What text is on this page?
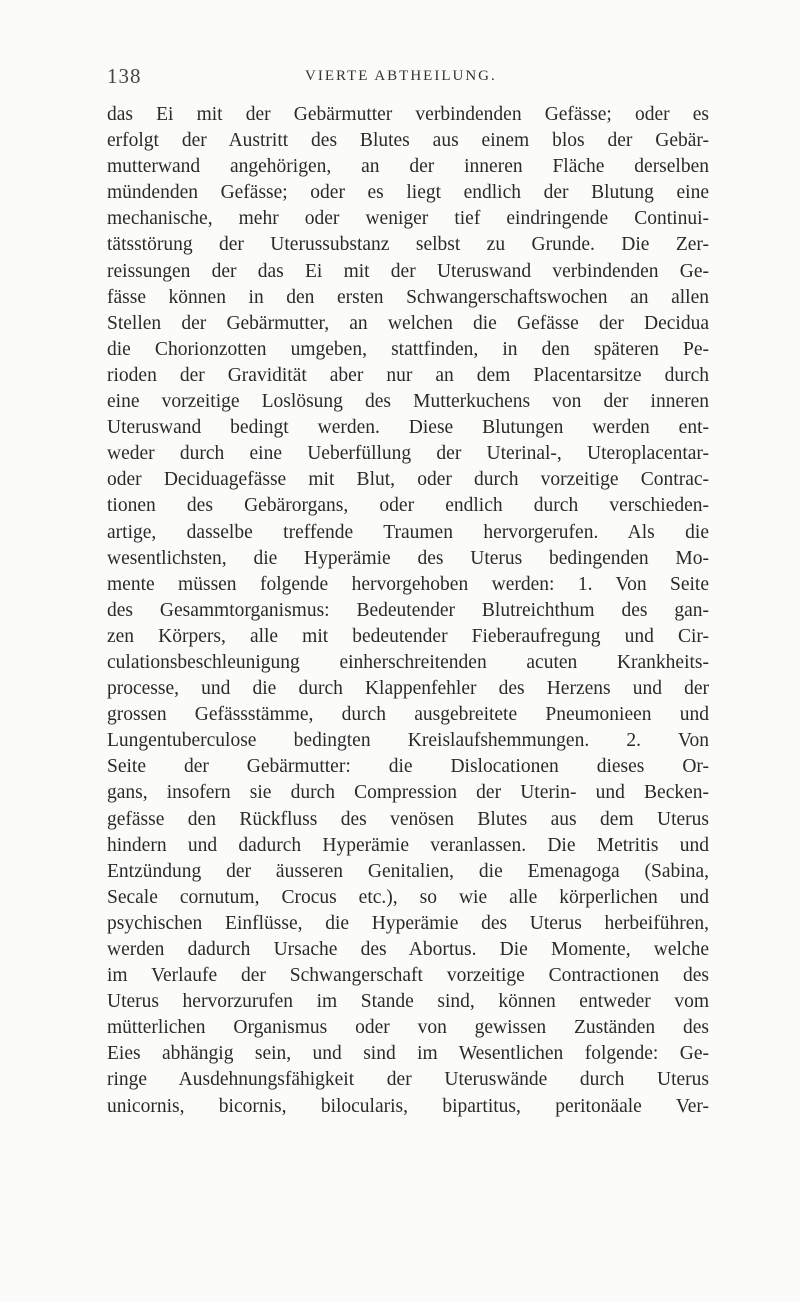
138	VIERTE ABTHEILUNG.
das Ei mit der Gebärmutter verbindenden Gefässe; oder es
erfolgt der Austritt des Blutes aus einem blos der Gebär-
mutterwand angehörigen, an der inneren Fläche derselben
mündenden Gefässe; oder es liegt endlich der Blutung eine
mechanische, mehr oder weniger tief eindringende Continui-
tätsstörung der Uterussubstanz selbst zu Grunde. Die Zer-
reissungen der das Ei mit der Uteruswand verbindenden Ge-
fässe können in den ersten Schwangerschaftswochen an allen
Stellen der Gebärmutter, an welchen die Gefässe der Decidua
die Chorionzotten umgeben, stattfinden, in den späteren Pe-
rioden der Gravidität aber nur an dem Placentarsitze durch
eine vorzeitige Loslösung des Mutterkuchens von der inneren
Uteruswand bedingt werden. Diese Blutungen werden ent-
weder durch eine Ueberfüllung der Uterinal-, Uteroplacentar-
oder Deciduagefässe mit Blut, oder durch vorzeitige Contrac-
tionen des Gebärorgans, oder endlich durch verschieden-
artige, dasselbe treffende Traumen hervorgerufen. Als die
wesentlichsten, die Hyperämie des Uterus bedingenden Mo-
mente müssen folgende hervorgehoben werden: 1. Von Seite
des Gesammtorganismus: Bedeutender Blutreichthum des gan-
zen Körpers, alle mit bedeutender Fieberaufregung und Cir-
culationsbeschleunigung einherschreitenden acuten Krankheits-
processe, und die durch Klappenfehler des Herzens und der
grossen Gefässstämme, durch ausgebreitete Pneumonieen und
Lungentuberculose bedingten Kreislaufshemmungen. 2. Von
Seite der Gebärmutter: die Dislocationen dieses Or-
gans, insofern sie durch Compression der Uterin- und Becken-
gefässe den Rückfluss des venösen Blutes aus dem Uterus
hindern und dadurch Hyperämie veranlassen. Die Metritis und
Entzündung der äusseren Genitalien, die Emenagoga (Sabina,
Secale cornutum, Crocus etc.), so wie alle körperlichen und
psychischen Einflüsse, die Hyperämie des Uterus herbeiführen,
werden dadurch Ursache des Abortus. Die Momente, welche
im Verlaufe der Schwangerschaft vorzeitige Contractionen des
Uterus hervorzurufen im Stande sind, können entweder vom
mütterlichen Organismus oder von gewissen Zuständen des
Eies abhängig sein, und sind im Wesentlichen folgende: Ge-
ringe Ausdehnungsfähigkeit der Uteruswände durch Uterus
unicornis, bicornis, bilocularis, bipartitus, peritonäale Ver-
